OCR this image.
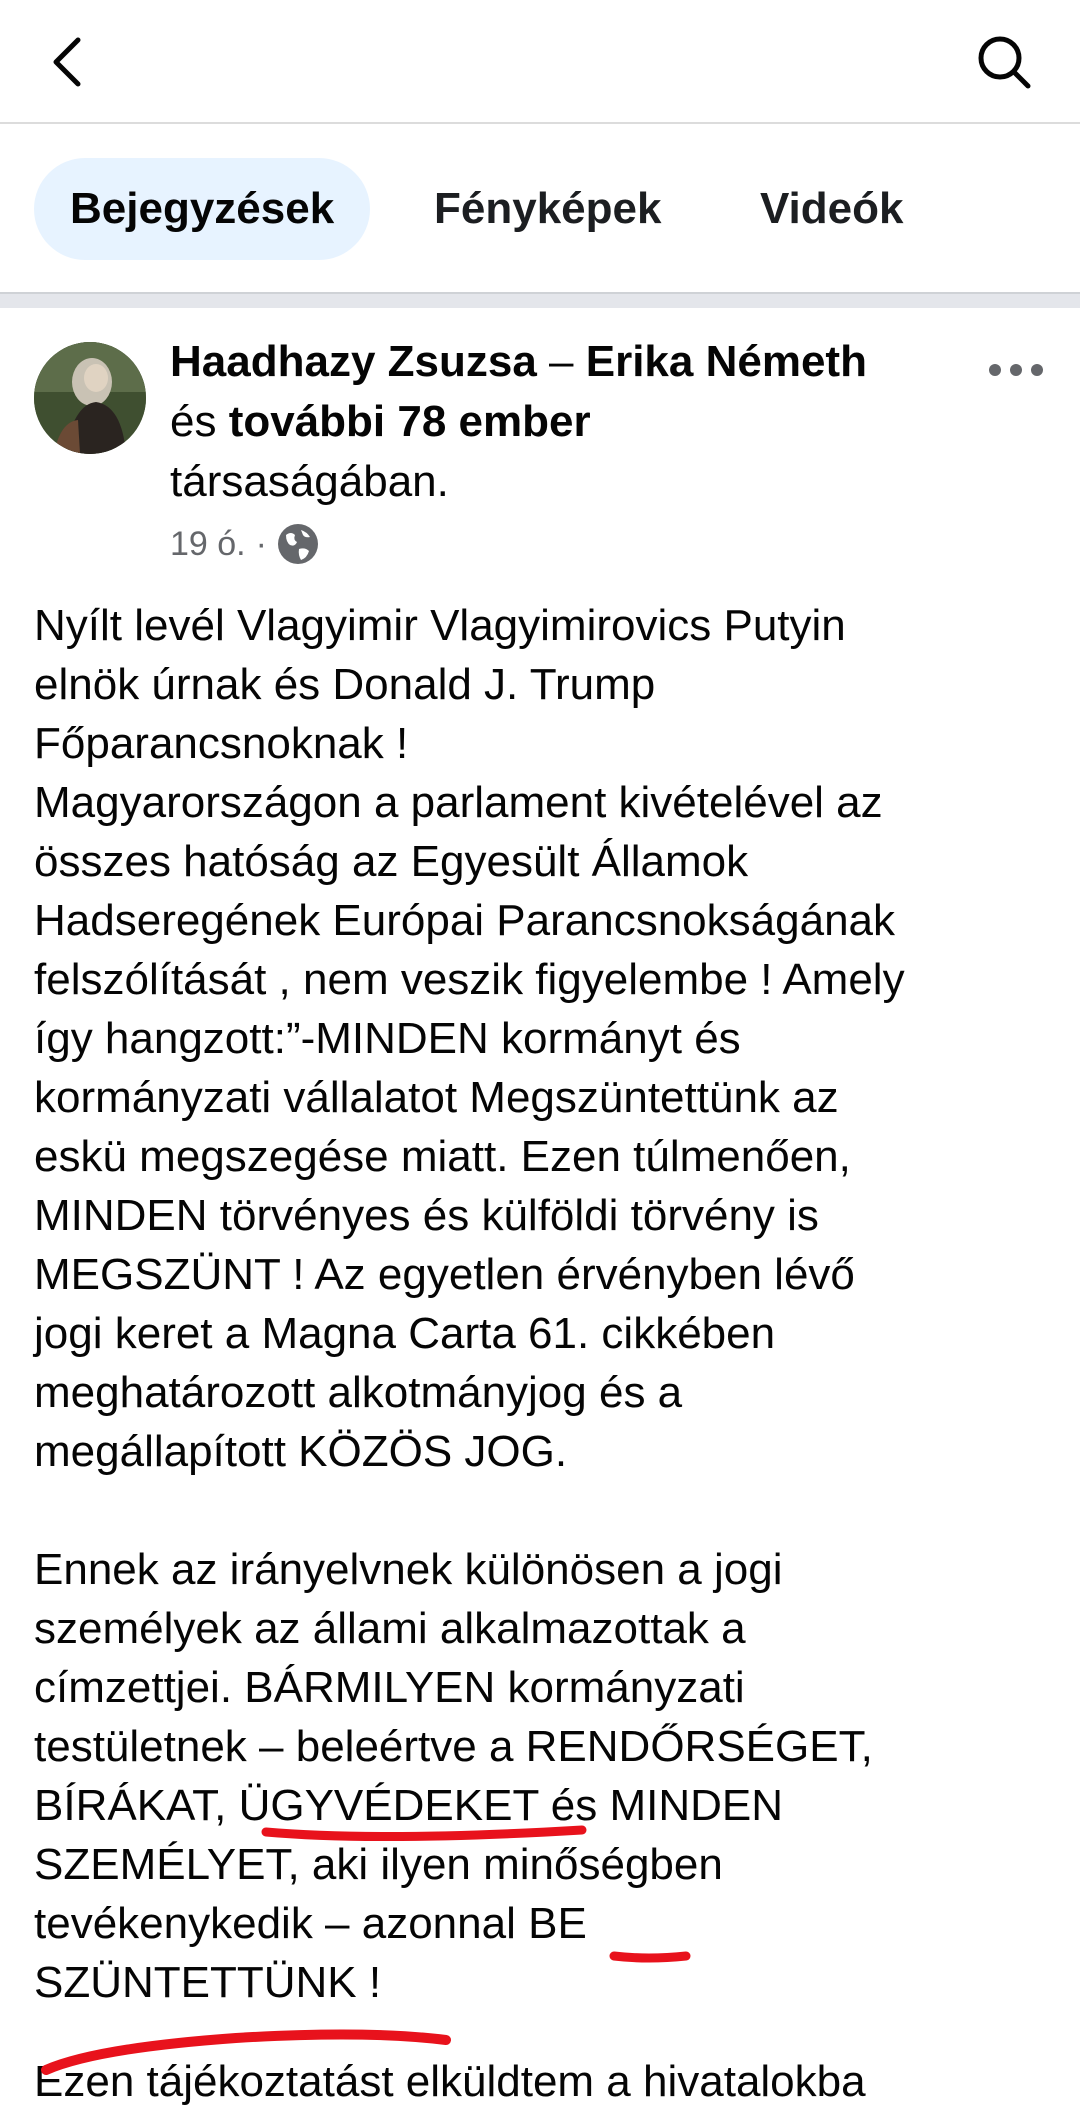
Bejegyzések	Fényképek Videók
Haadhazy Zsuzsa – Erika Németh
és további 78 ember
társaságában.
19 ó. ·

Nyílt levél Vlagyimir Vlagyimirovics Putyin

elnök úrnak és Donald J. Trump

Főparancsnoknak !

Magyarországon a parlament kivételével az

összes hatóság az Egyesült Államok

Hadseregének Európai Parancsnokságának

felszólítását , nem veszik figyelembe ! Amely

így hangzott:”-MINDEN kormányt és

kormányzati vállalatot Megszüntettünk az

eskü megszegése miatt. Ezen túlmenően,

MINDEN törvényes és külföldi törvény is

MEGSZÜNT ! Az egyetlen érvényben lévő

jogi keret a Magna Carta 61. cikkében

meghatározott alkotmányjog és a

megállapított KÖZÖS JOG.

Ennek az irányelvnek különösen a jogi

személyek az állami alkalmazottak a

címzettjei. BÁRMILYEN kormányzati

testületnek – beleértve a RENDŐRSÉGET,

BÍRÁKAT, ÜGYVÉDEKET és MINDEN

SZEMÉLYET, aki ilyen minőségben

tevékenykedik – azonnal BE

SZÜNTETTÜNK !

Ezen tájékoztatást elküldtem a hivatalokba
